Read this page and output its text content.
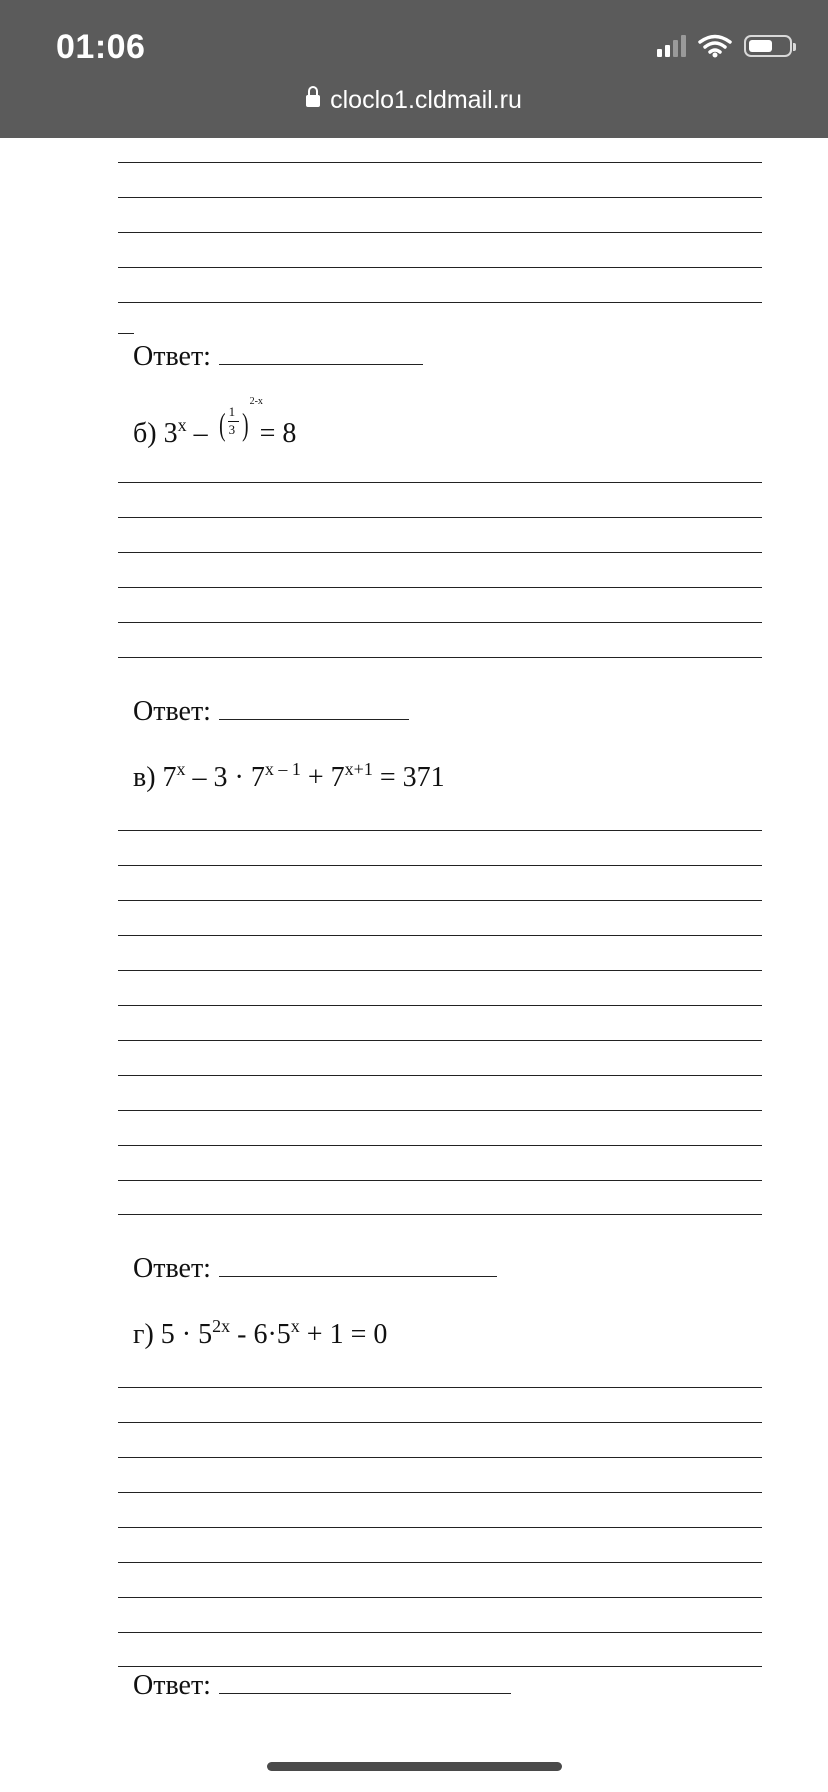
01:06
cloclo1.cldmail.ru
Ответ:
б) 3$^x$ – ( 1
3 )
2-x
= 8
Ответ:
в) $7^x - 3 \cdot 7^{x - 1} + 7^{x+1} = 371$
Ответ:
г) $5 \cdot 5^{2x} - 6\cdot 5^x + 1 = 0$
Ответ:
